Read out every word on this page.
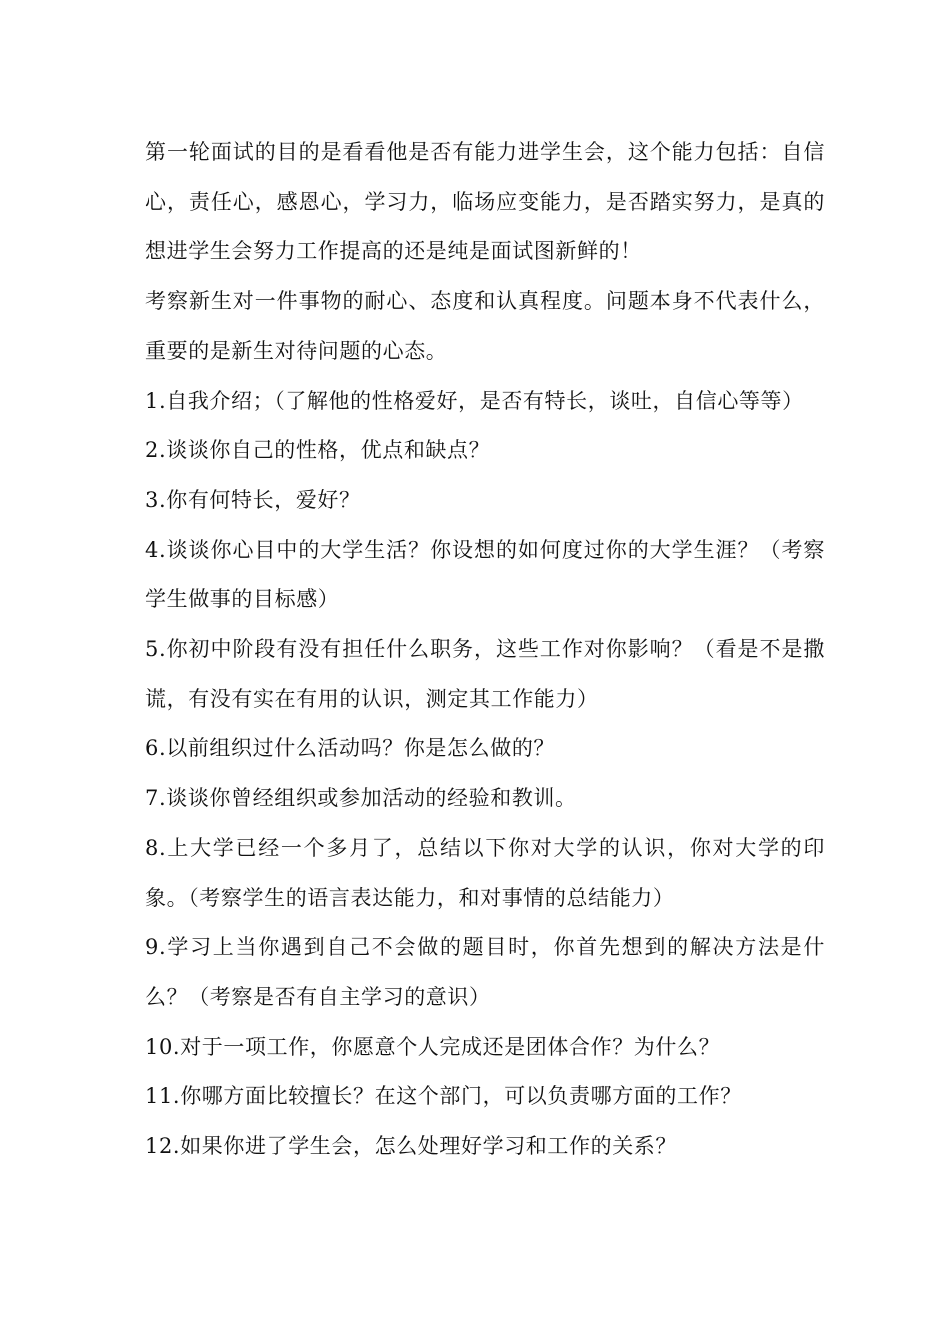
第一轮面试的目的是看看他是否有能力进学生会，这个能力包括：自信心，责任心，感恩心，学习力，临场应变能力，是否踏实努力，是真的想进学生会努力工作提高的还是纯是面试图新鲜的！

考察新生对一件事物的耐心、态度和认真程度。问题本身不代表什么，重要的是新生对待问题的心态。

1.自我介绍；（了解他的性格爱好，是否有特长，谈吐，自信心等等）

2.谈谈你自己的性格，优点和缺点？

3.你有何特长，爱好？

4.谈谈你心目中的大学生活？你设想的如何度过你的大学生涯？（考察学生做事的目标感）

5.你初中阶段有没有担任什么职务，这些工作对你影响？（看是不是撒谎，有没有实在有用的认识，测定其工作能力）

6.以前组织过什么活动吗？你是怎么做的？

7.谈谈你曾经组织或参加活动的经验和教训。

8.上大学已经一个多月了，总结以下你对大学的认识，你对大学的印象。（考察学生的语言表达能力，和对事情的总结能力）

9.学习上当你遇到自己不会做的题目时，你首先想到的解决方法是什么？（考察是否有自主学习的意识）

10.对于一项工作，你愿意个人完成还是团体合作？为什么？

11.你哪方面比较擅长？在这个部门，可以负责哪方面的工作？

12.如果你进了学生会，怎么处理好学习和工作的关系？
